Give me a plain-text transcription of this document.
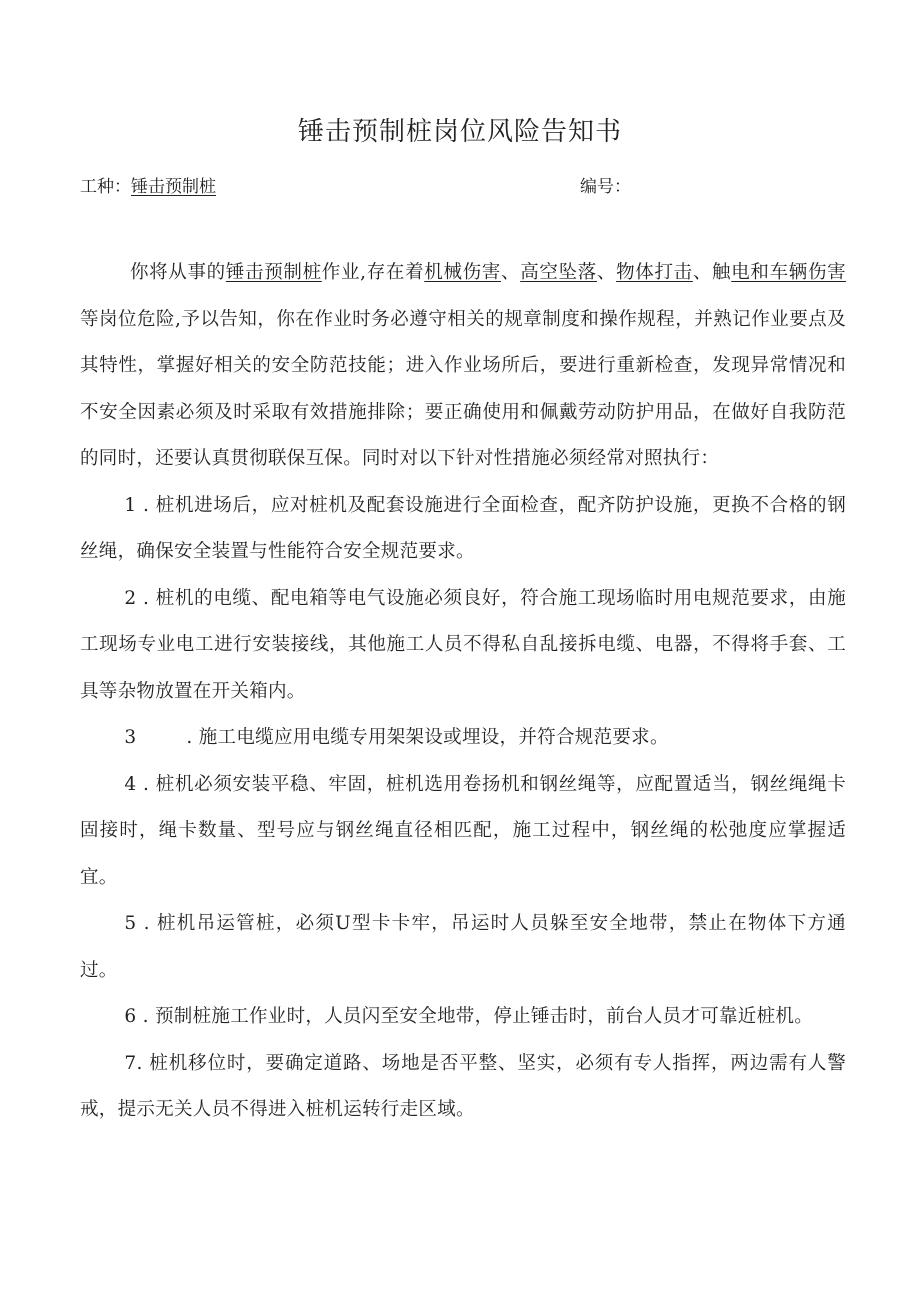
锤击预制桩岗位风险告知书
工种：锤击预制桩	编号：

你将从事的锤击预制桩作业,存在着机械伤害、高空坠落、物体打击、触电和车辆伤害等岗位危险,予以告知，你在作业时务必遵守相关的规章制度和操作规程，并熟记作业要点及其特性，掌握好相关的安全防范技能；进入作业场所后，要进行重新检查，发现异常情况和不安全因素必须及时采取有效措施排除；要正确使用和佩戴劳动防护用品，在做好自我防范的同时，还要认真贯彻联保互保。同时对以下针对性措施必须经常对照执行：

1 . 桩机进场后，应对桩机及配套设施进行全面检查，配齐防护设施，更换不合格的钢丝绳，确保安全装置与性能符合安全规范要求。

2 . 桩机的电缆、配电箱等电气设施必须良好，符合施工现场临时用电规范要求，由施工现场专业电工进行安装接线，其他施工人员不得私自乱接拆电缆、电器，不得将手套、工具等杂物放置在开关箱内。

3	. 施工电缆应用电缆专用架架设或埋设，并符合规范要求。

4 . 桩机必须安装平稳、牢固，桩机选用卷扬机和钢丝绳等，应配置适当，钢丝绳绳卡固接时，绳卡数量、型号应与钢丝绳直径相匹配，施工过程中，钢丝绳的松弛度应掌握适宜。

5 . 桩机吊运管桩，必须U型卡卡牢，吊运时人员躲至安全地带，禁止在物体下方通过。

6 . 预制桩施工作业时，人员闪至安全地带，停止锤击时，前台人员才可靠近桩机。

7. 桩机移位时，要确定道路、场地是否平整、坚实，必须有专人指挥，两边需有人警戒，提示无关人员不得进入桩机运转行走区域。
